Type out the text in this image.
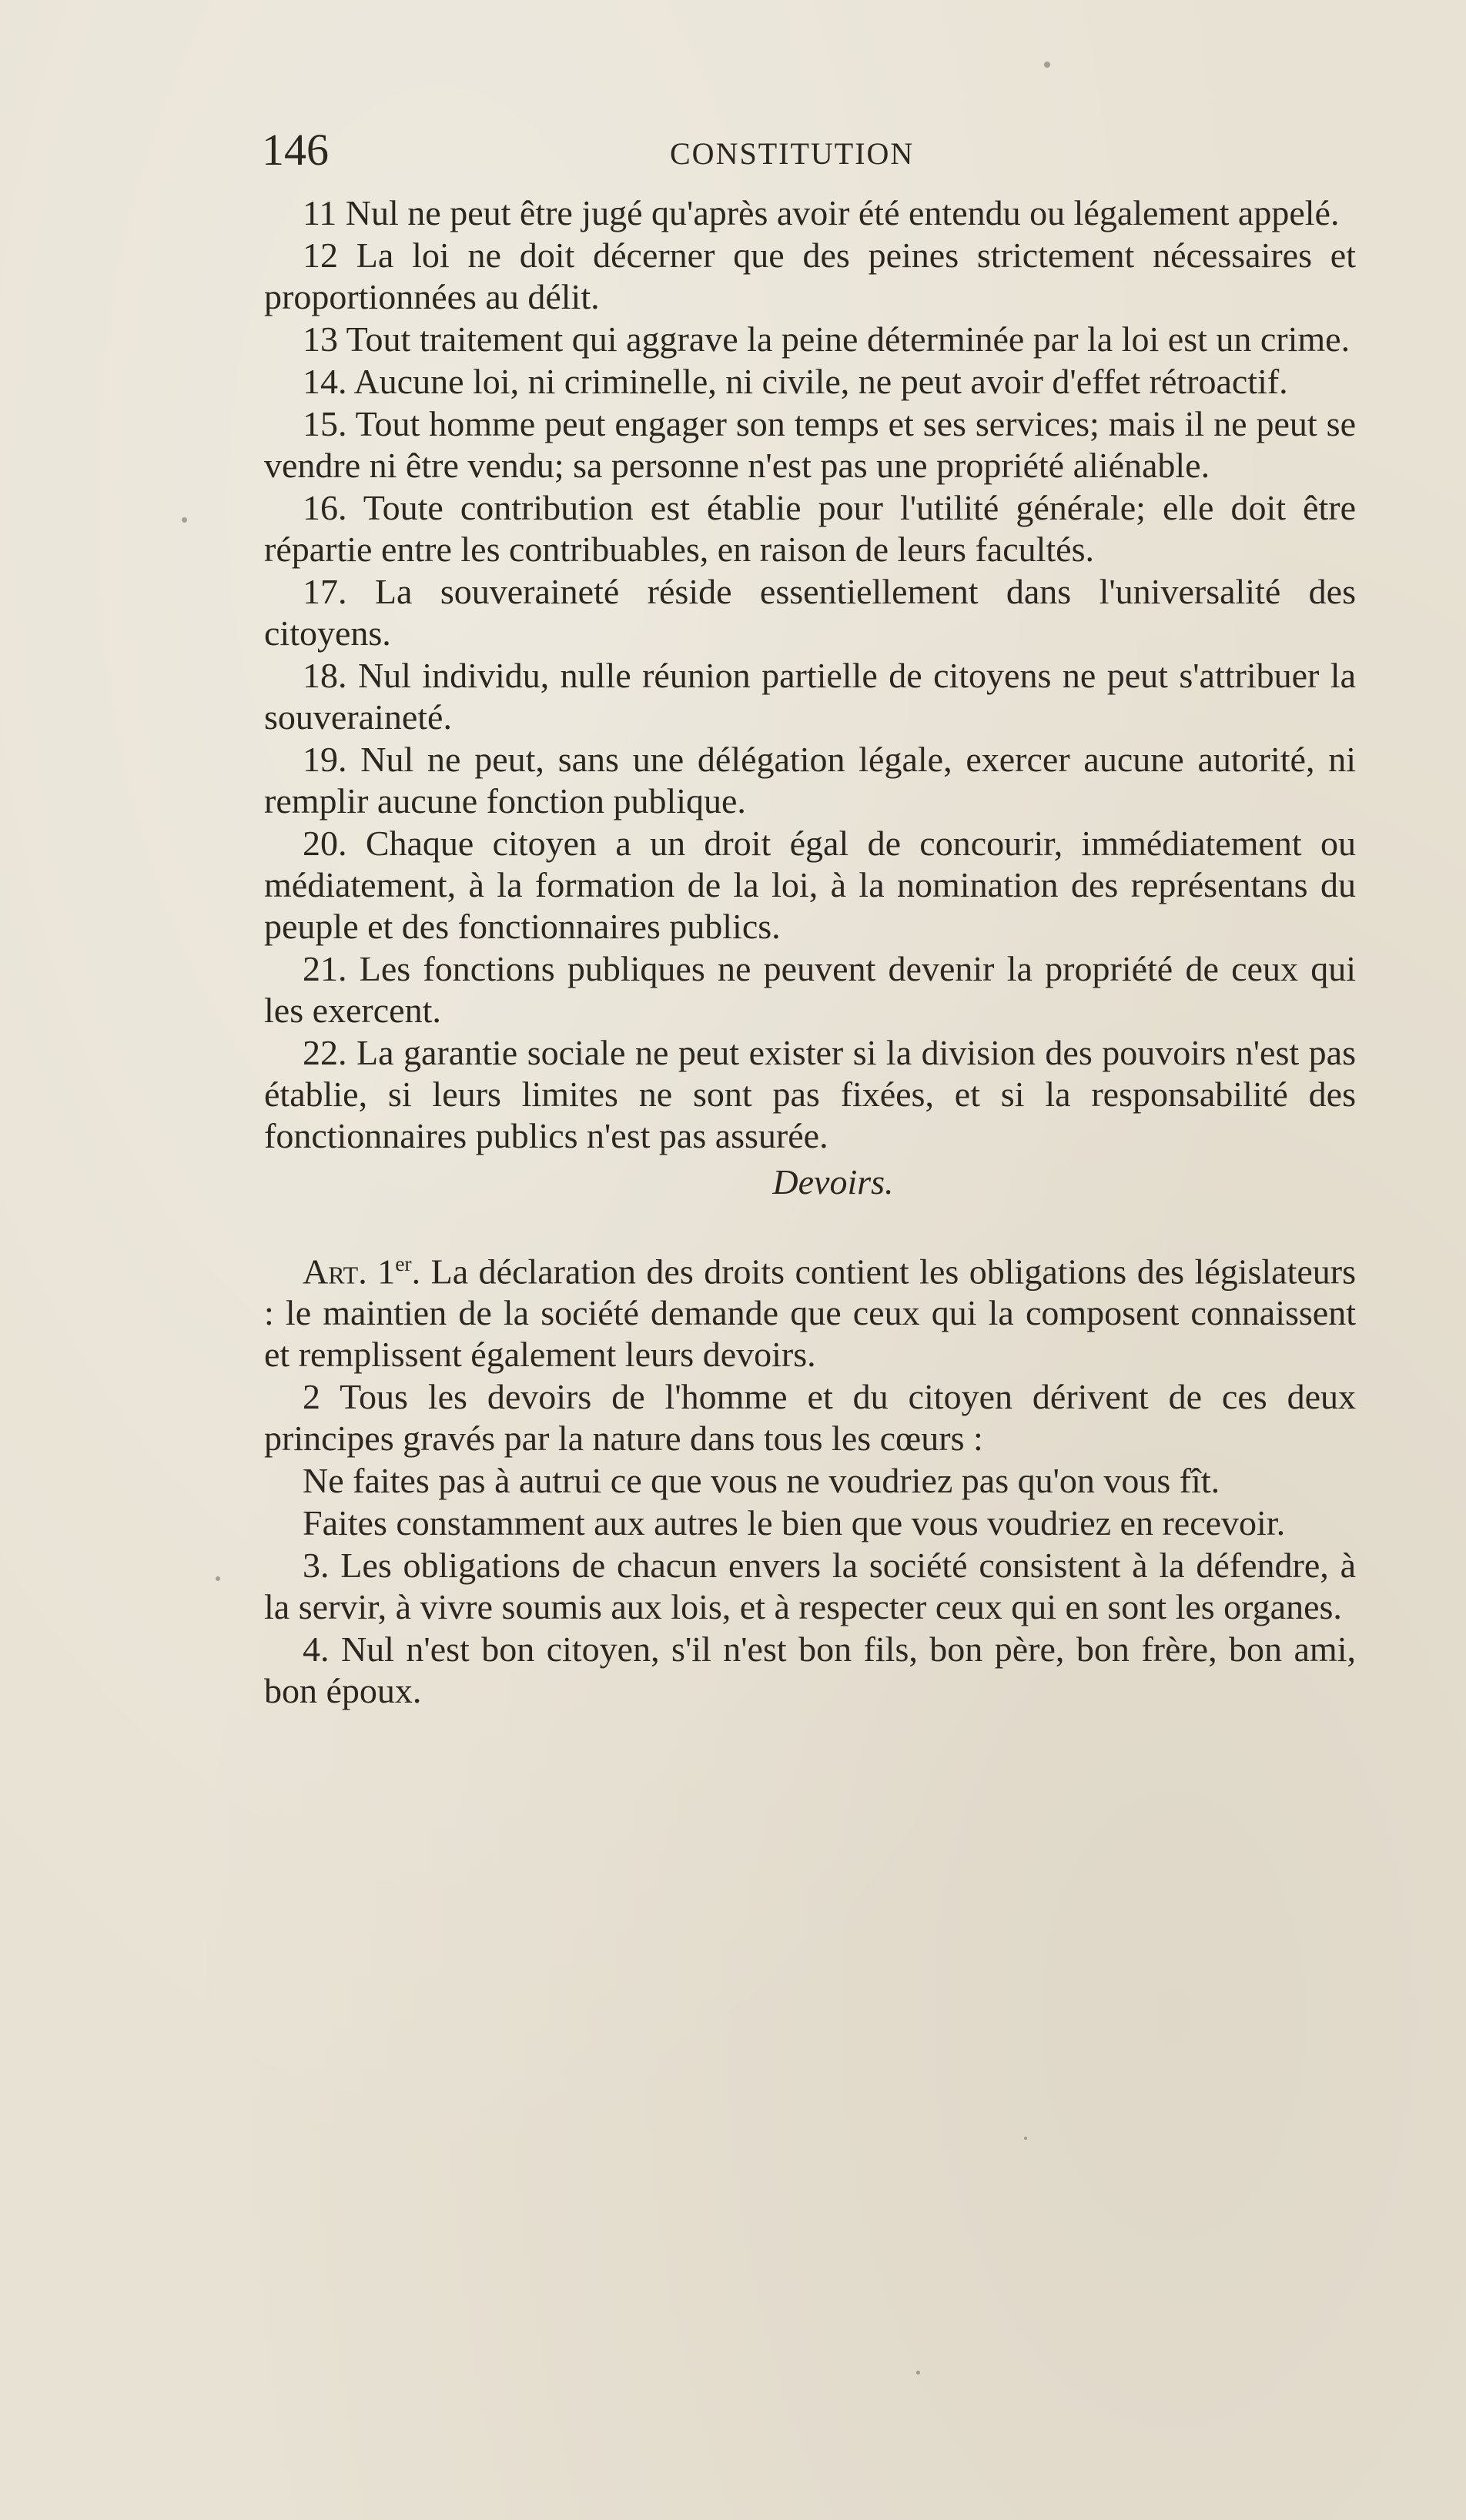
146	CONSTITUTION

11 Nul ne peut être jugé qu'après avoir été entendu ou légalement appelé.

12 La loi ne doit décerner que des peines strictement nécessaires et proportionnées au délit.

13 Tout traitement qui aggrave la peine déterminée par la loi est un crime.

14. Aucune loi, ni criminelle, ni civile, ne peut avoir d'effet rétroactif.

15. Tout homme peut engager son temps et ses services; mais il ne peut se vendre ni être vendu; sa personne n'est pas une propriété aliénable.

16. Toute contribution est établie pour l'utilité générale; elle doit être répartie entre les contribuables, en raison de leurs facultés.

17. La souveraineté réside essentiellement dans l'universalité des citoyens.

18. Nul individu, nulle réunion partielle de citoyens ne peut s'attribuer la souveraineté.

19. Nul ne peut, sans une délégation légale, exercer aucune autorité, ni remplir aucune fonction publique.

20. Chaque citoyen a un droit égal de concourir, immédiatement ou médiatement, à la formation de la loi, à la nomination des représentans du peuple et des fonctionnaires publics.

21. Les fonctions publiques ne peuvent devenir la propriété de ceux qui les exercent.

22. La garantie sociale ne peut exister si la division des pouvoirs n'est pas établie, si leurs limites ne sont pas fixées, et si la responsabilité des fonctionnaires publics n'est pas assurée.

Devoirs.

Art. 1er. La déclaration des droits contient les obligations des législateurs : le maintien de la société demande que ceux qui la composent connaissent et remplissent également leurs devoirs.

2 Tous les devoirs de l'homme et du citoyen dérivent de ces deux principes gravés par la nature dans tous les cœurs :

Ne faites pas à autrui ce que vous ne voudriez pas qu'on vous fît.

Faites constamment aux autres le bien que vous voudriez en recevoir.

3. Les obligations de chacun envers la société consistent à la défendre, à la servir, à vivre soumis aux lois, et à respecter ceux qui en sont les organes.

4. Nul n'est bon citoyen, s'il n'est bon fils, bon père, bon frère, bon ami, bon époux.
